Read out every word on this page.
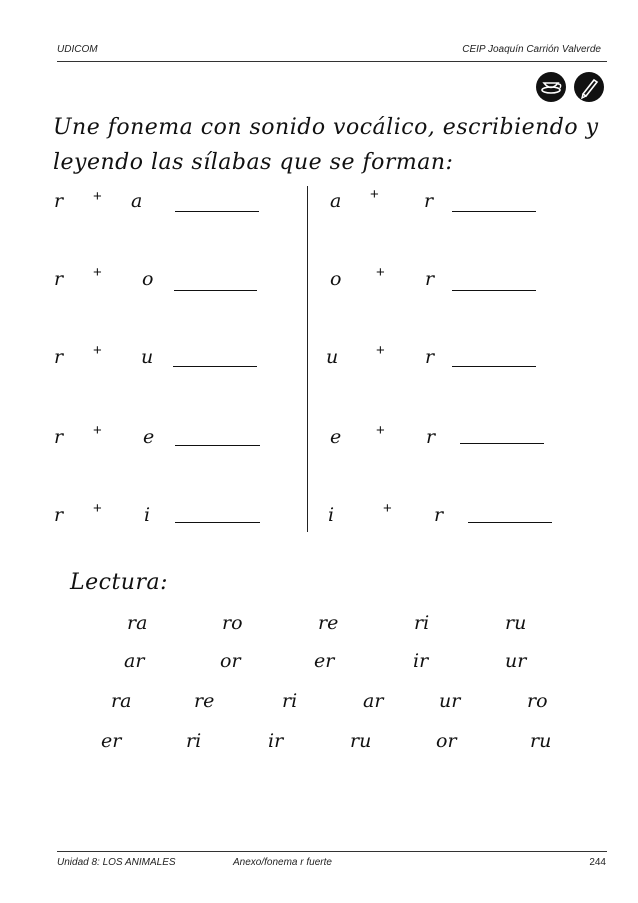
UDICOM	CEIP Joaquín Carrión Valverde
Une fonema con sonido vocálico, escribiendo y
leyendo las sílabas que se forman:
r + a
r + o
r + u
r + e
r + i
a + r
o + r
u	+ r
e + r
i	+ r
Lectura:
ra	ro	re	ri	ru
ar	or	er	ir	ur
ra	re	ri	ar	ur	ro
er	ri	ir	ru	or	ru
Unidad 8: LOS ANIMALES	Anexo/fonema r fuerte	244
